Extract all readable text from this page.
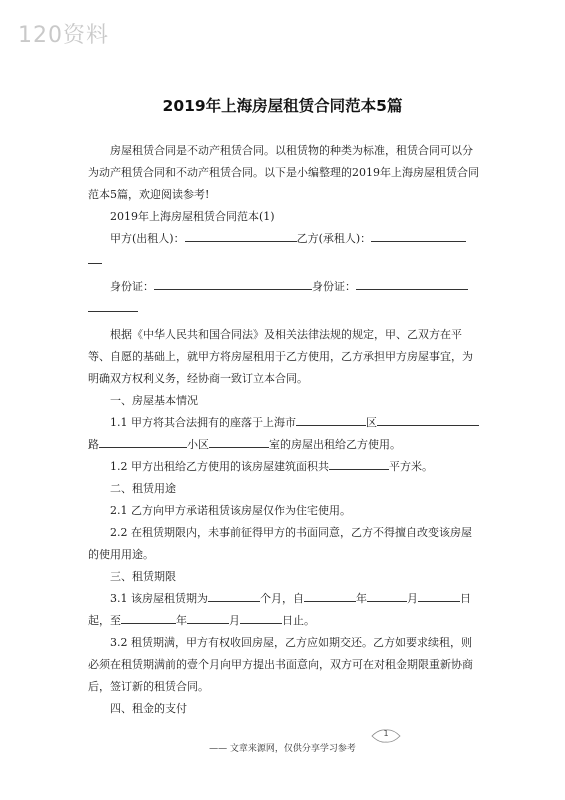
120资料
2019年上海房屋租赁合同范本5篇

房屋租赁合同是不动产租赁合同。以租赁物的种类为标准，租赁合同可以分为动产租赁合同和不动产租赁合同。以下是小编整理的2019年上海房屋租赁合同范本5篇，欢迎阅读参考!

2019年上海房屋租赁合同范本(1)

甲方(出租人)：	乙方(承租人)：

身份证：	身份证：

根据《中华人民共和国合同法》及相关法律法规的规定，甲、乙双方在平等、自愿的基础上，就甲方将房屋租用于乙方使用，乙方承担甲方房屋事宜，为明确双方权利义务，经协商一致订立本合同。

一、房屋基本情况

1.1 甲方将其合法拥有的座落于上海市	区路	小区	室的房屋出租给乙方使用。

1.2 甲方出租给乙方使用的该房屋建筑面积共	平方米。

二、租赁用途

2.1 乙方向甲方承诺租赁该房屋仅作为住宅使用。

2.2 在租赁期限内，未事前征得甲方的书面同意，乙方不得擅自改变该房屋的使用用途。

三、租赁期限

3.1 该房屋租赁期为	个月，自	年	月	日起，至	年	月	日止。

3.2 租赁期满，甲方有权收回房屋，乙方应如期交还。乙方如要求续租，则必须在租赁期满前的壹个月向甲方提出书面意向，双方可在对租金期限重新协商后，签订新的租赁合同。

四、租金的支付

1
—— 文章来源网，仅供分享学习参考
